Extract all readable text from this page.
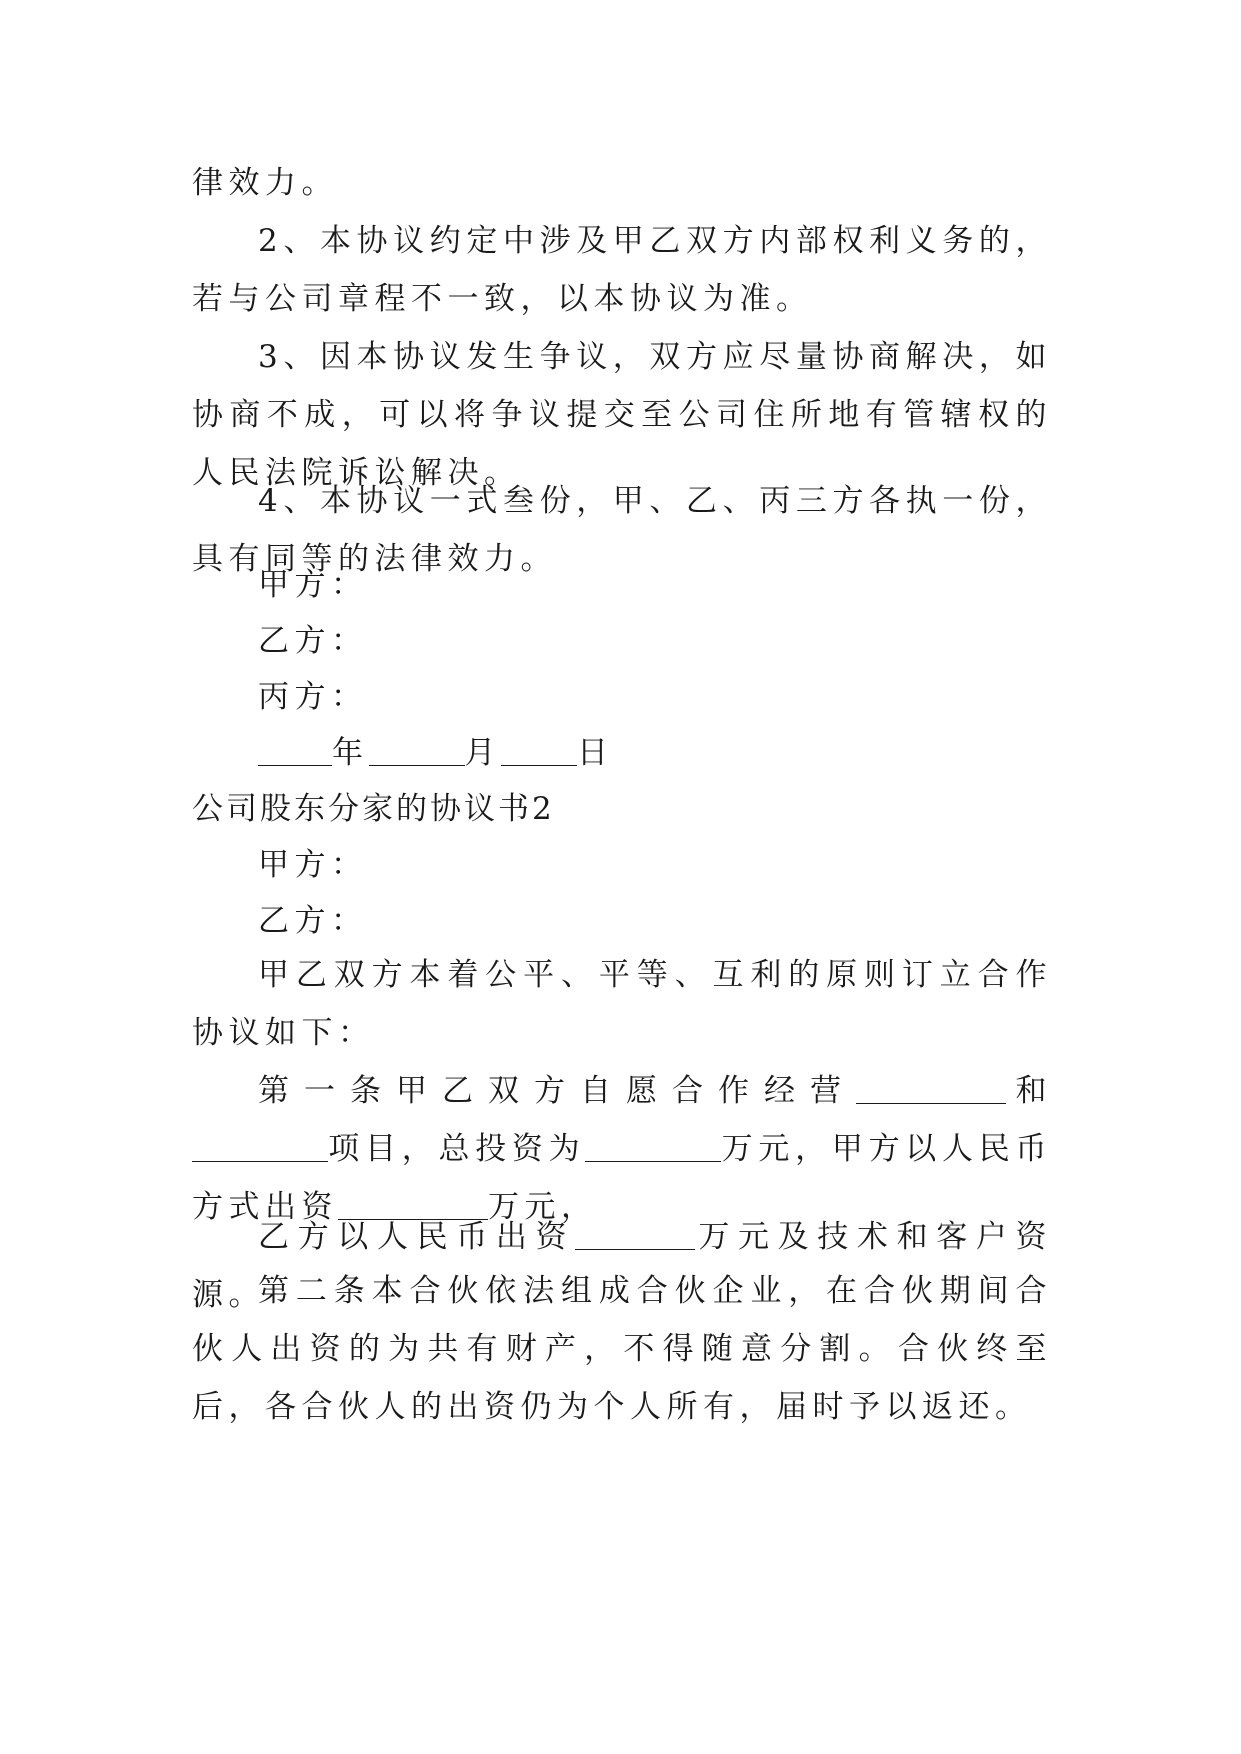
律效力。
2、本协议约定中涉及甲乙双方内部权利义务的，若与公司章程不一致，以本协议为准。
3、因本协议发生争议，双方应尽量协商解决，如协商不成，可以将争议提交至公司住所地有管辖权的人民法院诉讼解决。
4、本协议一式叁份，甲、乙、丙三方各执一份，具有同等的法律效力。
甲方：
乙方：
丙方：
年	月 日
公司股东分家的协议书2
甲方：
乙方：
甲乙双方本着公平、平等、互利的原则订立合作协议如下：
第一条甲乙双方自愿合作经营	和项目，总投资为	万元，甲方以人民币方式出资	万元，
乙方以人民币出资	万元及技术和客户资源。
第二条本合伙依法组成合伙企业，在合伙期间合伙人出资的为共有财产，不得随意分割。合伙终至后，各合伙人的出资仍为个人所有，届时予以返还。
